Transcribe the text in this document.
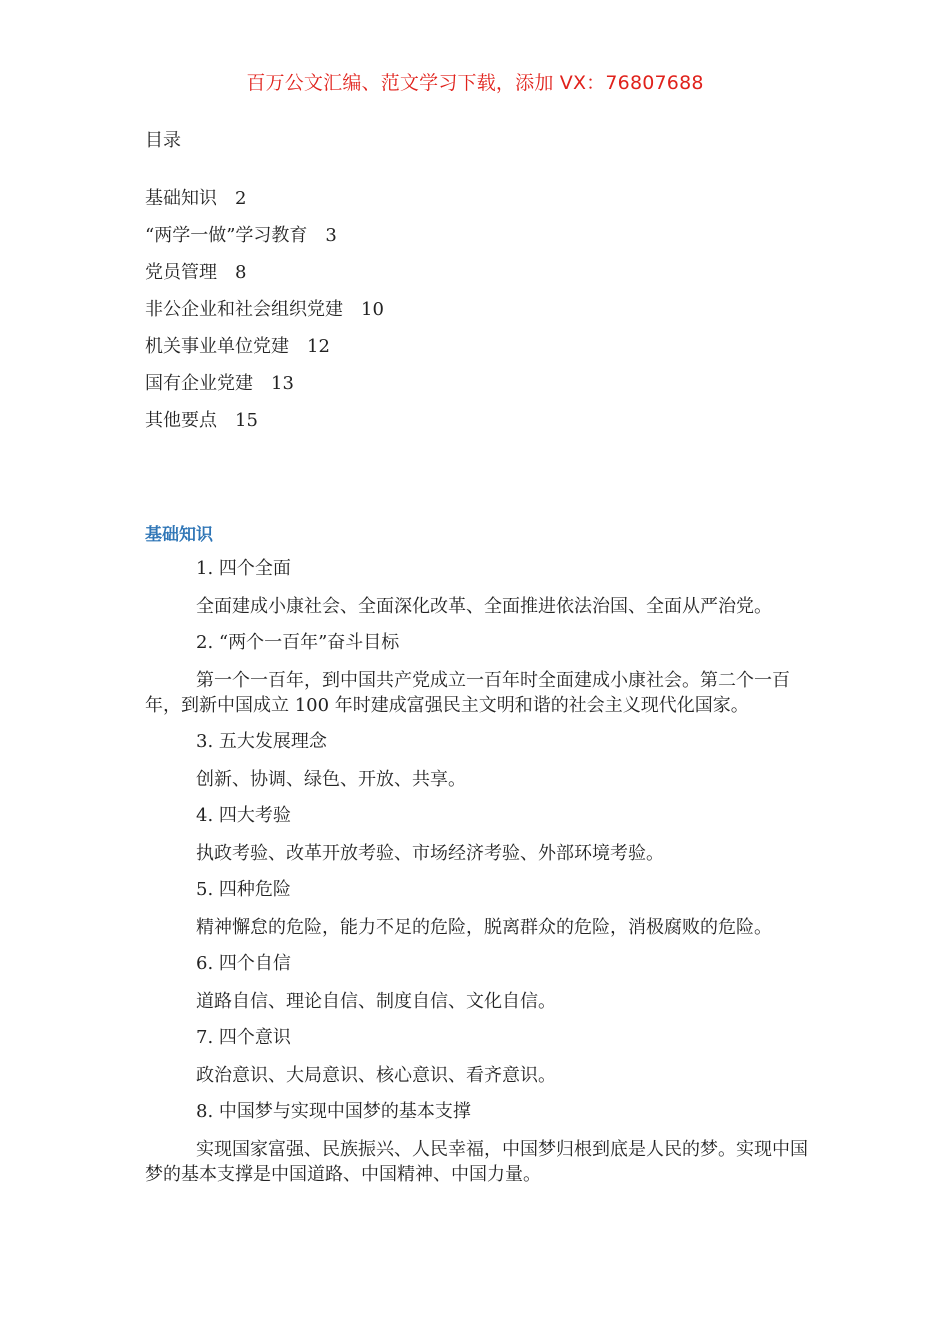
百万公文汇编、范文学习下载，添加 VX：76807688
目录
基础知识 2
“两学一做”学习教育 3
党员管理 8
非公企业和社会组织党建 10
机关事业单位党建 12
国有企业党建 13
其他要点 15
基础知识
1. 四个全面

全面建成小康社会、全面深化改革、全面推进依法治国、全面从严治党。

2. “两个一百年”奋斗目标

第一个一百年，到中国共产党成立一百年时全面建成小康社会。第二个一百年，到新中国成立 100 年时建成富强民主文明和谐的社会主义现代化国家。

3. 五大发展理念

创新、协调、绿色、开放、共享。

4. 四大考验

执政考验、改革开放考验、市场经济考验、外部环境考验。

5. 四种危险

精神懈怠的危险，能力不足的危险，脱离群众的危险，消极腐败的危险。

6. 四个自信

道路自信、理论自信、制度自信、文化自信。

7. 四个意识

政治意识、大局意识、核心意识、看齐意识。

8. 中国梦与实现中国梦的基本支撑

实现国家富强、民族振兴、人民幸福，中国梦归根到底是人民的梦。实现中国梦的基本支撑是中国道路、中国精神、中国力量。
